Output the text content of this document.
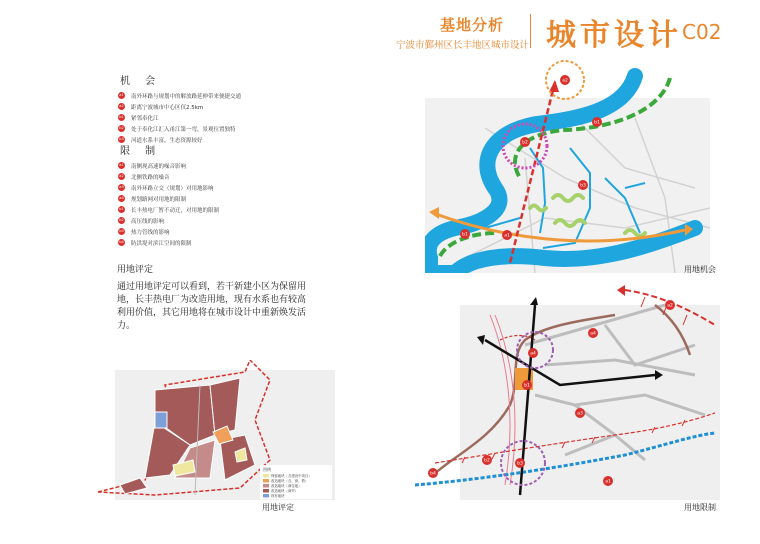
基地分析
宁波市鄞州区长丰地区城市设计 城市设计 C02
机 会
a1 南外环路与规划中的解放路延伸带来便捷交通
a2 距离宁波城市中心区仅2.5km
b1 紧邻奉化江
b2 处于奉化江汇入甬江第一弯，景观位置独特
b3 河道水系丰富，生态资源较好
限 制
a1 南侧现高速的噪音影响
a2 北侧铁路的噪音
a3 南外环路立交（规划）对用地影响
a4 规划路网对用地的限制
b1 长丰热电厂暂不动迁，对用地的限制
b2 高压线的影响
b3 热力管线的影响
b4 防洪堤对滨江空间的限制
用地评定
通过用地评定可以看到，若干新建小区为保留用地，长丰热电厂为改造用地，现有水系也有较高利用价值，其它用地将在城市设计中重新焕发活力。
a2
b1
b2
b3
b1	a1
用地机会
图例
保留地块（含建设中项目）
改造地块（含、商、教）
改造地块（商住地）
改造地块（商贸）
现有地块
用地评定
a2
a4
a4
b1
a3
b3
b2
b4
a1
用地限制
